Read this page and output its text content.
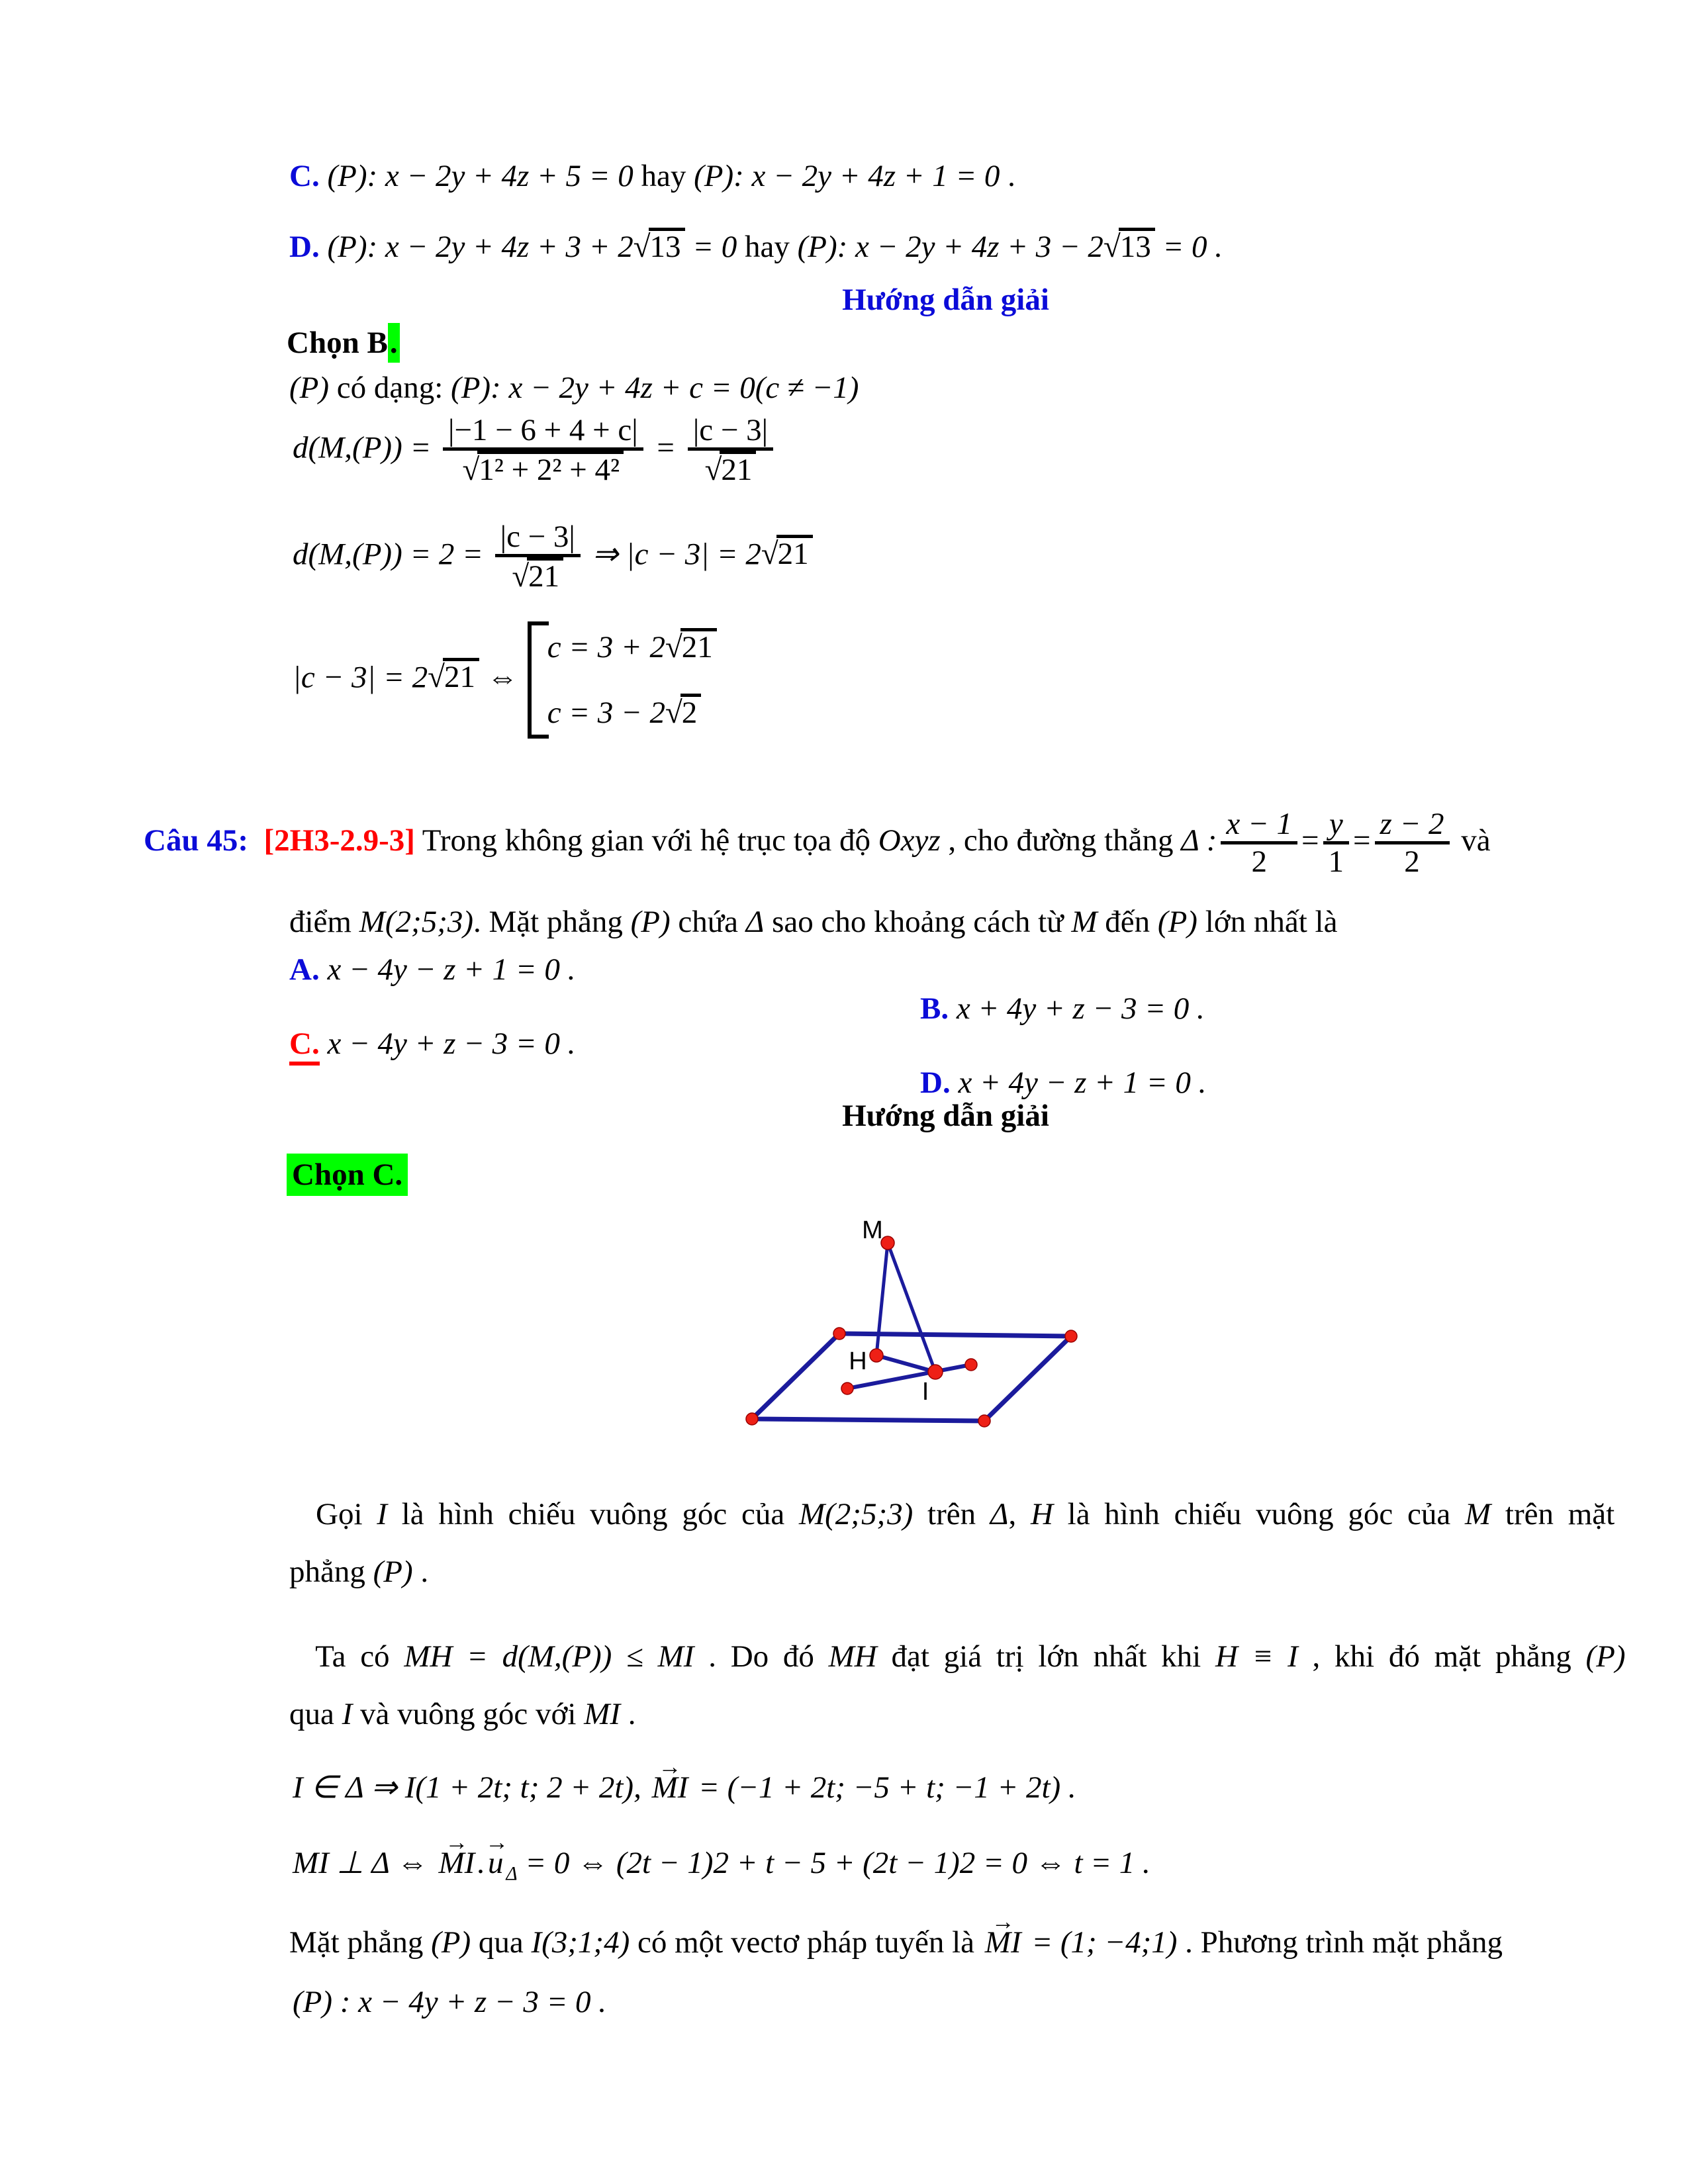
C. (P): x − 2y + 4z + 5 = 0 hay (P): x − 2y + 4z + 1 = 0 .

D. (P): x − 2y + 4z + 3 + 2√13 = 0 hay (P): x − 2y + 4z + 3 − 2√13 = 0 .

Hướng dẫn giải

Chọn B.

(P) có dạng: (P): x − 2y + 4z + c = 0(c ≠ −1)

$d(M,(P)) = \frac{|-1 - 6 + 4 + c|}{\text{√1² + 2² + 4²}} = \frac{|c - 3|}{√21}$

$d(M,(P)) = 2 = \frac{|c - 3|}{√21}$ ⇒ |c − 3| = 2√21

|c − 3| = 2√21 ⇔
c = 3 + 2√21
c = 3 − 2√2

Câu 45: [2H3-2.9-3] Trong không gian với hệ trục tọa độ Oxyz , cho đường thẳng Δ : $\frac{x - 1}{2} = \frac{y}{1} = \frac{z - 2}{2}$ và

điểm M(2;5;3). Mặt phẳng (P) chứa Δ sao cho khoảng cách từ M đến (P) lớn nhất là

A. x − 4y − z + 1 = 0 .

B. x + 4y + z − 3 = 0 .

C. x − 4y + z − 3 = 0 .

D. x + 4y − z + 1 = 0 .

Hướng dẫn giải

Chọn C.

M
H
I

Gọi I là hình chiếu vuông góc của M(2;5;3) trên Δ, H là hình chiếu vuông góc của M trên mặt

phẳng (P) .

Ta có MH = d(M,(P)) ≤ MI . Do đó MH đạt giá trị lớn nhất khi H ≡ I , khi đó mặt phẳng (P)

qua I và vuông góc với MI .

I ∈ Δ ⇒ I(1 + 2t; t; 2 + 2t), MI → = (−1 + 2t; −5 + t; −1 + 2t) .

MI ⊥ Δ ⇔ MI →.u → $_\Delta$ = 0 ⇔ (2t − 1)2 + t − 5 + (2t − 1)2 = 0 ⇔ t = 1 .

Mặt phẳng (P) qua I(3;1;4) có một vectơ pháp tuyến là MI → = (1; −4;1) . Phương trình mặt phẳng

(P) : x − 4y + z − 3 = 0 .
